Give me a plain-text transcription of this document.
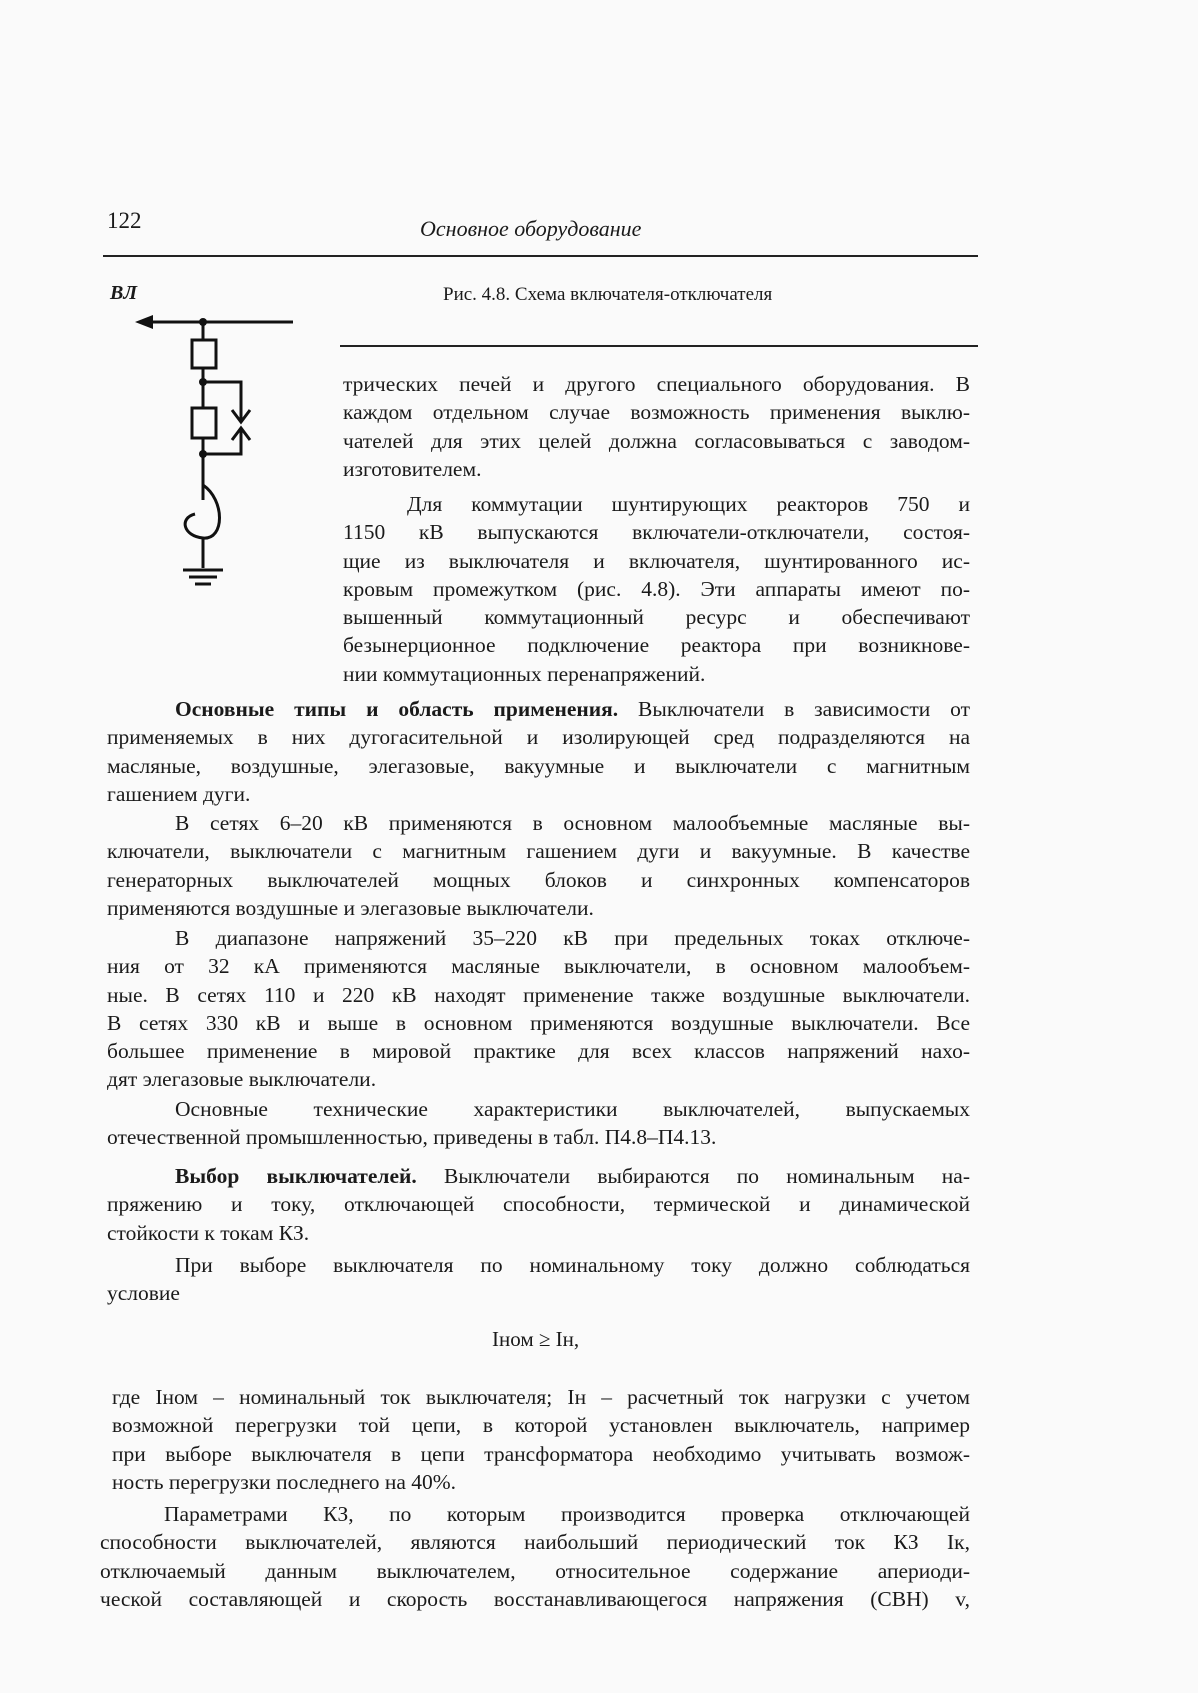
122	Основное оборудование
ВЛ	Рис. 4.8. Схема включателя-отключателя
трических печей и другого специального оборудования. В
каждом отдельном случае возможность применения выклю-
чателей для этих целей должна согласовываться с заводом-
изготовителем.
Для коммутации шунтирующих реакторов 750 и
1150 кВ выпускаются включатели-отключатели, состоя-
щие из выключателя и включателя, шунтированного ис-
кровым промежутком (рис. 4.8). Эти аппараты имеют по-
вышенный коммутационный ресурс и обеспечивают
безынерционное подключение реактора при возникнове-
нии коммутационных перенапряжений.
Основные типы и область применения. Выключатели в зависимости от
применяемых в них дугогасительной и изолирующей сред подразделяются на
масляные, воздушные, элегазовые, вакуумные и выключатели с магнитным
гашением дуги.
В сетях 6–20 кВ применяются в основном малообъемные масляные вы-
ключатели, выключатели с магнитным гашением дуги и вакуумные. В качестве
генераторных выключателей мощных блоков и синхронных компенсаторов
применяются воздушные и элегазовые выключатели.
В диапазоне напряжений 35–220 кВ при предельных токах отключе-
ния от 32 кА применяются масляные выключатели, в основном малообъем-
ные. В сетях 110 и 220 кВ находят применение также воздушные выключатели.
В сетях 330 кВ и выше в основном применяются воздушные выключатели. Все
большее применение в мировой практике для всех классов напряжений нахо-
дят элегазовые выключатели.
Основные технические характеристики выключателей, выпускаемых
отечественной промышленностью, приведены в табл. П4.8–П4.13.
Выбор выключателей. Выключатели выбираются по номинальным на-
пряжению и току, отключающей способности, термической и динамической
стойкости к токам КЗ.
При выборе выключателя по номинальному току должно соблюдаться
условие
Iном ≥ Iн,
где Iном – номинальный ток выключателя; Iн – расчетный ток нагрузки с учетом
возможной перегрузки той цепи, в которой установлен выключатель, например
при выборе выключателя в цепи трансформатора необходимо учитывать возмож-
ность перегрузки последнего на 40%.
Параметрами КЗ, по которым производится проверка отключающей
способности выключателей, являются наибольший периодический ток КЗ Iк,
отключаемый данным выключателем, относительное содержание апериоди-
ческой составляющей и скорость восстанавливающегося напряжения (СВН) v,
